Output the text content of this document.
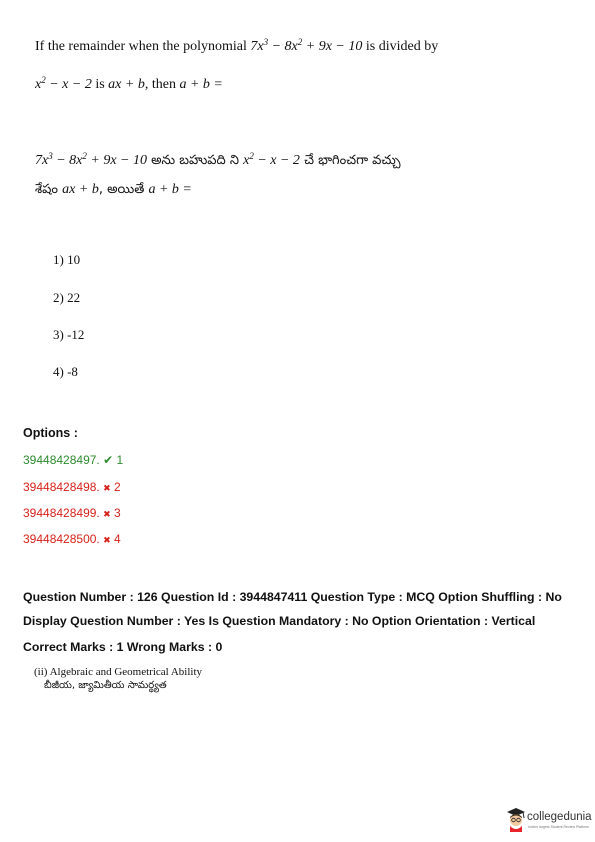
If the remainder when the polynomial $7x^3 - 8x^2 + 9x - 10$ is divided by
$x^2 - x - 2$ is ax + b, then a + b =
$7x^3 - 8x^2 + 9x - 10$ అను బహుపది ని $x^2 - x - 2$ చే భాగించగా వచ్చు
శేషం ax + b, అయితే a + b =
1) 10
2) 22
3) -12
4) -8
Options :
39448428497. ✔ 1
39448428498. ✖ 2
39448428499. ✖ 3
39448428500. ✖ 4
Question Number : 126 Question Id : 3944847411 Question Type : MCQ Option Shuffling : No
Display Question Number : Yes Is Question Mandatory : No Option Orientation : Vertical
Correct Marks : 1 Wrong Marks : 0
(ii) Algebraic and Geometrical Ability
బీజీయ, జ్యామితీయ సామర్థ్యత
collegedunia
India's largest Student Review Platform
